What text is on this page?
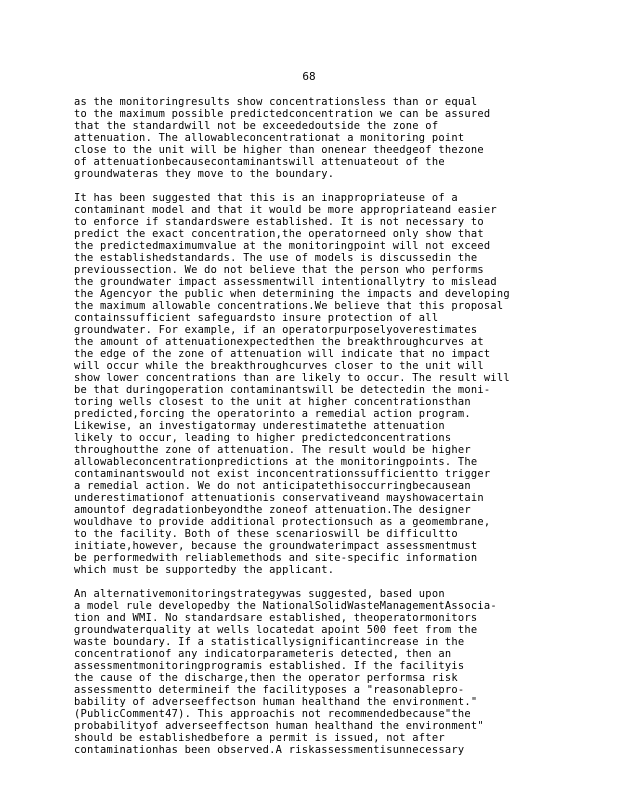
68
as the monitoringresults show concentrationsless than or equal
to the maximum possible predictedconcentration we can be assured
that the standardwill not be exceededoutside the zone of
attenuation. The allowableconcentrationat a monitoring point
close to the unit will be higher than onenear theedgeof thezone
of attenuationbecausecontaminantswill attenuateout of the
groundwateras they move to the boundary.
It has been suggested that this is an inappropriateuse of a
contaminant model and that it would be more appropriateand easier
to enforce if standardswere established. It is not necessary to
predict the exact concentration,the operatorneed only show that
the predictedmaximumvalue at the monitoringpoint will not exceed
the establishedstandards. The use of models is discussedin the
previoussection. We do not believe that the person who performs
the groundwater impact assessmentwill intentionallytry to mislead
the Agencyor the public when determining the impacts and developing
the maximum allowable concentrations.We believe that this proposal
containssufficient safeguardsto insure protection of all
groundwater. For example, if an operatorpurposelyoverestimates
the amount of attenuationexpectedthen the breakthroughcurves at
the edge of the zone of attenuation will indicate that no impact
will occur while the breakthroughcurves closer to the unit will
show lower concentrations than are likely to occur. The result will
be that duringoperation contaminantswill be detectedin the moni-
toring wells closest to the unit at higher concentrationsthan
predicted,forcing the operatorinto a remedial action program.
Likewise, an investigatormay underestimatethe attenuation
likely to occur, leading to higher predictedconcentrations
throughoutthe zone of attenuation. The result would be higher
allowableconcentrationpredictions at the monitoringpoints. The
contaminantswould not exist inconcentrationssufficientto trigger
a remedial action. We do not anticipatethisoccurringbecausean
underestimationof attenuationis conservativeand mayshowacertain
amountof degradationbeyondthe zoneof attenuation.The designer
wouldhave to provide additional protectionsuch as a geomembrane,
to the facility. Both of these scenarioswill be difficultto
initiate,however, because the groundwaterimpact assessmentmust
be performedwith reliablemethods and site-specific information
which must be supportedby the applicant.
An alternativemonitoringstrategywas suggested, based upon
a model rule developedby the NationalSolidWasteManagementAssocia-
tion and WMI. No standardsare established, theoperatormonitors
groundwaterquality at wells locatedat apoint 500 feet from the
waste boundary. If a statisticallysignificantincrease in the
concentrationof any indicatorparameteris detected, then an
assessmentmonitoringprogramis established. If the facilityis
the cause of the discharge,then the operator performsa risk
assessmentto determineif the facilityposes a "reasonablepro-
bability of adverseeffectson human healthand the environment."
(PublicComment47). This approachis not recommendedbecause"the
probabilityof adverseeffectson human healthand the environment"
should be establishedbefore a permit is issued, not after
contaminationhas been observed.A riskassessmentisunnecessary
